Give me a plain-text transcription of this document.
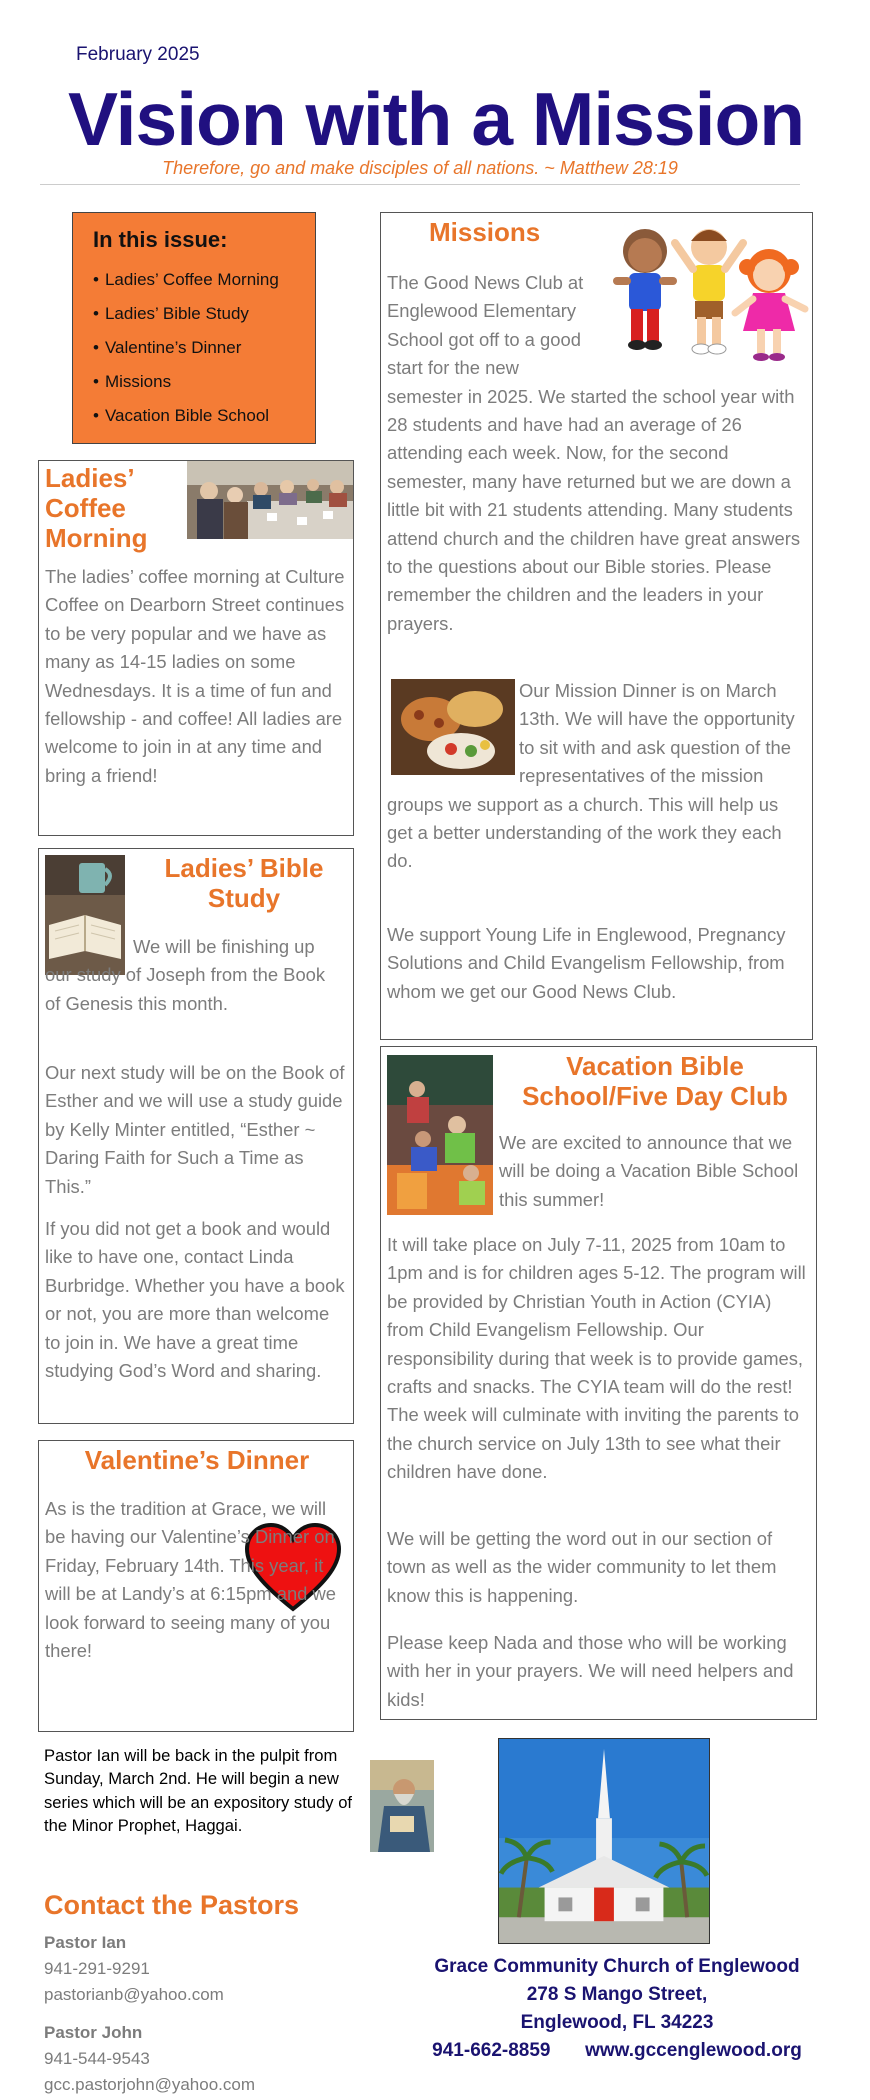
February 2025
Vision with a Mission
Therefore, go and make disciples of all nations. ~ Matthew 28:19
In this issue:
• Ladies’ Coffee Morning
• Ladies’ Bible Study
• Valentine’s Dinner
• Missions
• Vacation Bible School
Ladies’
Coffee
Morning

The ladies’ coffee morning at Culture Coffee on Dearborn Street continues to be very popular and we have as many as 14-15 ladies on some Wednesdays. It is a time of fun and fellowship - and coffee! All ladies are welcome to join in at any time and bring a friend!

Ladies’ Bible
Study

We will be finishing up our study of Joseph from the Book of Genesis this month.

Our next study will be on the Book of Esther and we will use a study guide by Kelly Minter entitled, “Esther ~ Daring Faith for Such a Time as This.”

If you did not get a book and would like to have one, contact Linda Burbridge. Whether you have a book or not, you are more than welcome to join in. We have a great time studying God’s Word and sharing.

Valentine’s Dinner

As is the tradition at Grace, we will be having our Valentine’s Dinner on Friday, February 14th. This year, it will be at Landy’s at 6:15pm and we look forward to seeing many of you there!

Missions

The Good News Club at Englewood Elementary School got off to a good start for the new semester in 2025. We started the school year with 28 students and have had an average of 26 attending each week. Now, for the second semester, many have returned but we are down a little bit with 21 students attending. Many students attend church and the children have great answers to the questions about our Bible stories. Please remember the children and the leaders in your prayers.

Our Mission Dinner is on March 13th. We will have the opportunity to sit with and ask question of the representatives of the mission groups we support as a church. This will help us get a better understanding of the work they each do.

We support Young Life in Englewood, Pregnancy Solutions and Child Evangelism Fellowship, from whom we get our Good News Club.

Vacation Bible
School/Five Day Club

We are excited to announce that we will be doing a Vacation Bible School this summer!

It will take place on July 7-11, 2025 from 10am to 1pm and is for children ages 5-12. The program will be provided by Christian Youth in Action (CYIA) from Child Evangelism Fellowship. Our responsibility during that week is to provide games, crafts and snacks. The CYIA team will do the rest! The week will culminate with inviting the parents to the church service on July 13th to see what their children have done.

We will be getting the word out in our section of town as well as the wider community to let them know this is happening.

Please keep Nada and those who will be working with her in your prayers. We will need helpers and kids!

Pastor Ian will be back in the pulpit from Sunday, March 2nd. He will begin a new series which will be an expository study of the Minor Prophet, Haggai.

Contact the Pastors
Pastor Ian
941-291-9291
pastorianb@yahoo.com
Pastor John
941-544-9543
gcc.pastorjohn@yahoo.com
Grace Community Church of Englewood
278 S Mango Street,
Englewood, FL 34223
941-662-8859 www.gccenglewood.org
